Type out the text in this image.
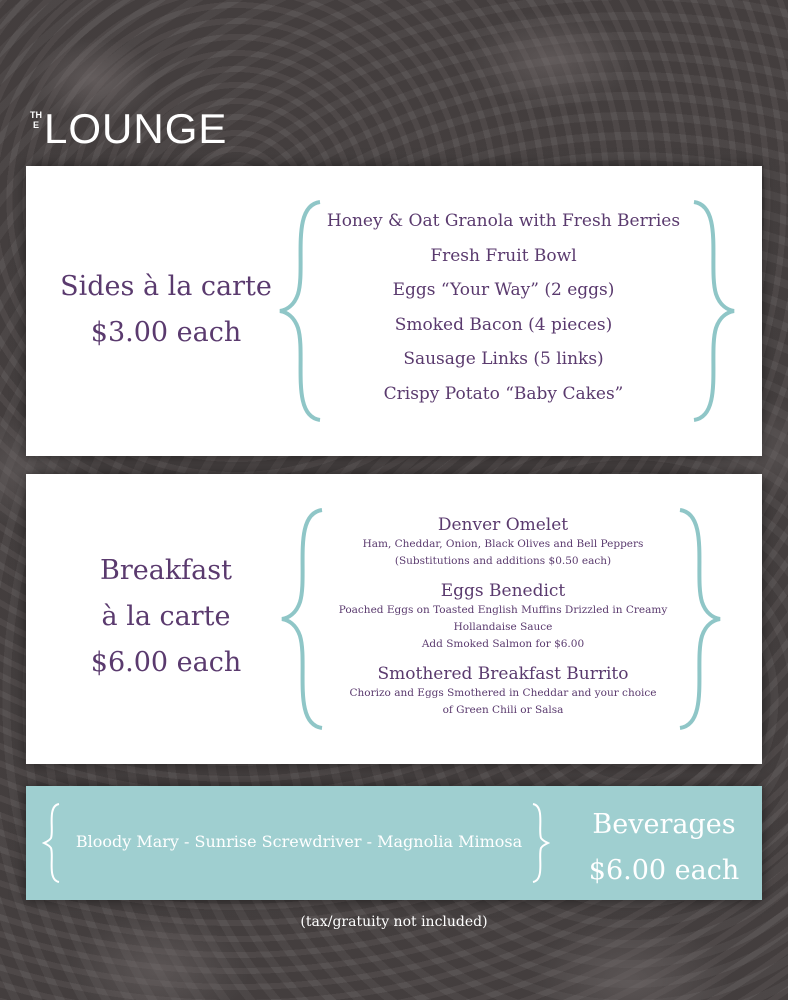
THE LOUNGE
Sides à la carte
$3.00 each
Honey & Oat Granola with Fresh Berries
Fresh Fruit Bowl
Eggs “Your Way” (2 eggs)
Smoked Bacon (4 pieces)
Sausage Links (5 links)
Crispy Potato “Baby Cakes”
Breakfast
à la carte
$6.00 each
Denver Omelet
Ham, Cheddar, Onion, Black Olives and Bell Peppers
(Substitutions and additions $0.50 each)
Eggs Benedict
Poached Eggs on Toasted English Muffins Drizzled in Creamy
Hollandaise Sauce
Add Smoked Salmon for $6.00
Smothered Breakfast Burrito
Chorizo and Eggs Smothered in Cheddar and your choice
of Green Chili or Salsa
Bloody Mary - Sunrise Screwdriver - Magnolia Mimosa
Beverages
$6.00 each
(tax/gratuity not included)
